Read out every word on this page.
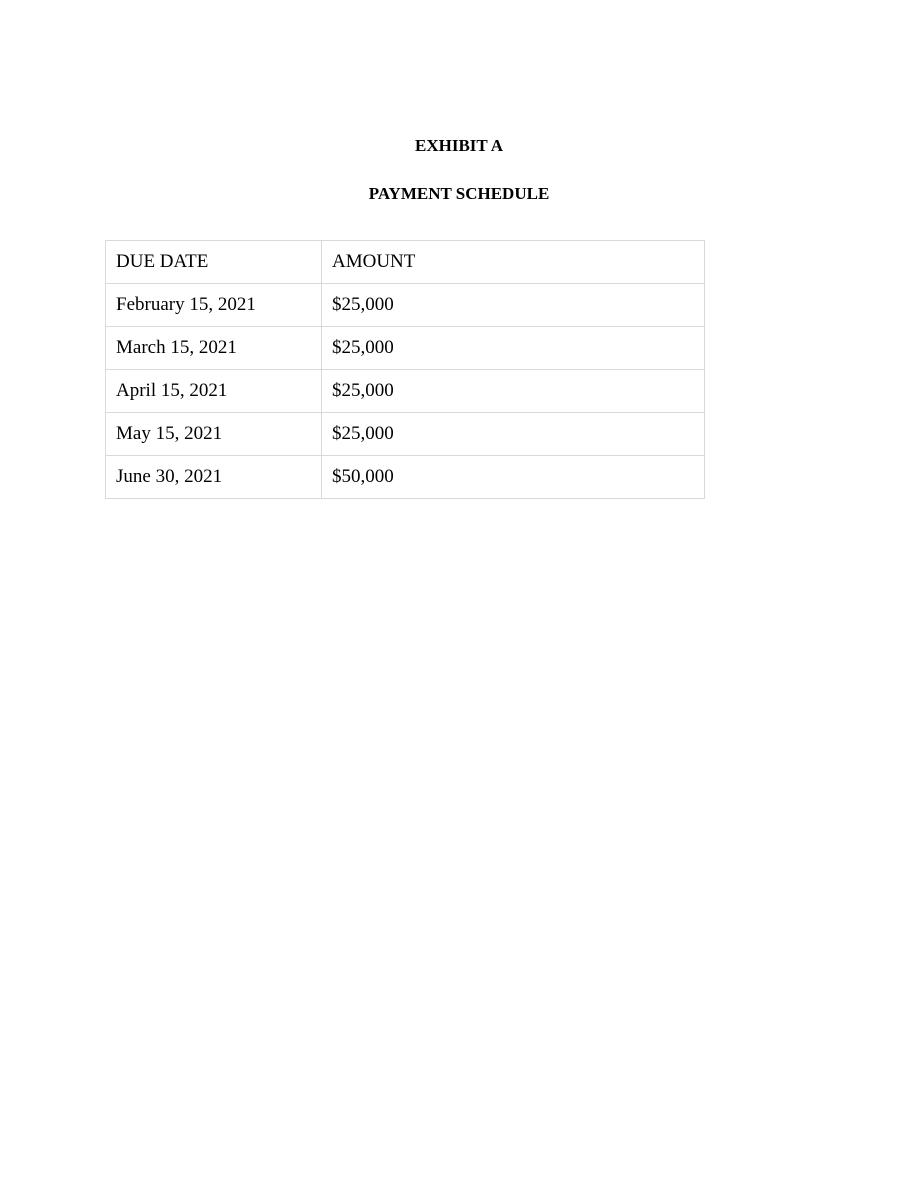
EXHIBIT A
PAYMENT SCHEDULE
DUE DATE	AMOUNT
February 15, 2021	$25,000
March 15, 2021	$25,000
April 15, 2021	$25,000
May 15, 2021	$25,000
June 30, 2021	$50,000
